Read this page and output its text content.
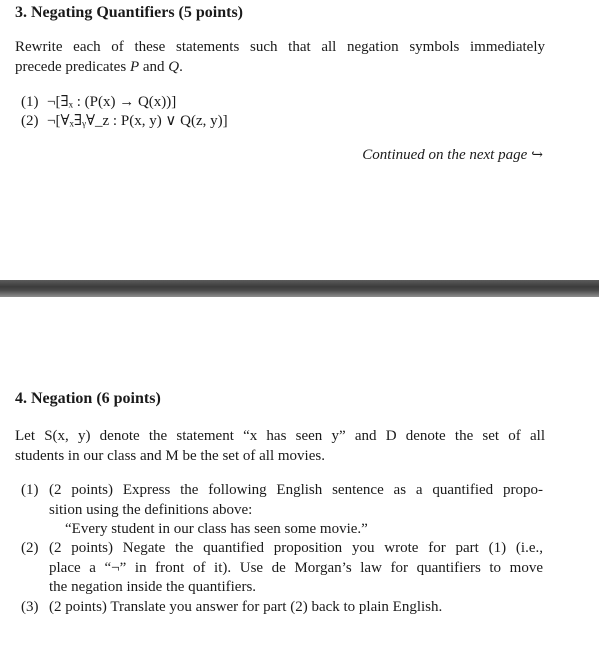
3. Negating Quantifiers (5 points)
Rewrite each of these statements such that all negation symbols immediately
precede predicates P and Q.
(1) ¬[∃ₓ : (P(x) → Q(x))]
(2) ¬[∀ₓ∃ᵧ∀_z : P(x, y) ∨ Q(z, y)]
Continued on the next page ↪
4. Negation (6 points)
Let S(x, y) denote the statement “x has seen y” and D denote the set of all
students in our class and M be the set of all movies.
(1) (2 points) Express the following English sentence as a quantified propo-
sition using the definitions above:
“Every student in our class has seen some movie.”
(2) (2 points) Negate the quantified proposition you wrote for part (1) (i.e.,
place a “¬” in front of it). Use de Morgan’s law for quantifiers to move
the negation inside the quantifiers.
(3) (2 points) Translate you answer for part (2) back to plain English.
